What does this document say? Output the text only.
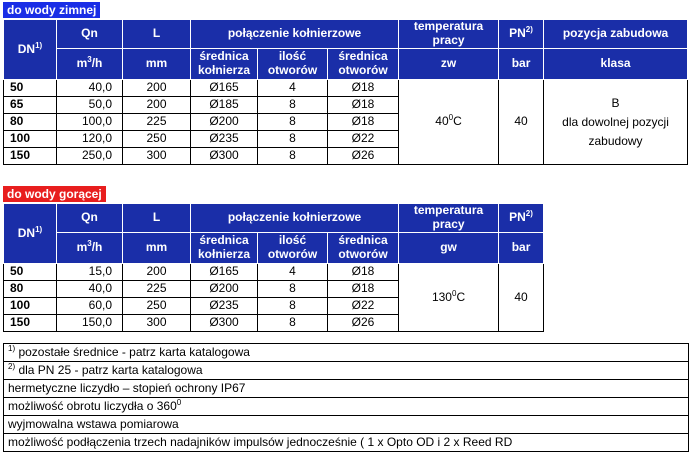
do wody zimnej
DN$^{1)}$	Qn	L	połączenie kołnierzowe			temperatura pracy	PN$^{2)}$	pozycja zabudowa
	$m^3/h$	mm	średnica kołnierza	ilość otworów	średnica otworów	zw	bar	klasa
50	40,0	200	Ø165	4	Ø18	$40^0C$	40	B
dla dowolnej pozycji
zabudowy

65	50,0	200	Ø185	8	Ø18			
80	100,0	225	Ø200	8	Ø18			
100	120,0	250	Ø235	8	Ø22			
150	250,0	300	Ø300	8	Ø26			
do wody gorącej
DN$^{1)}$	Qn	L	połączenie kołnierzowe			temperatura pracy	PN$^{2)}$
	$m^3/h$	mm	średnica kołnierza	ilość otworów	średnica otworów	gw	bar
50	15,0	200	Ø165	4	Ø18	$130^0C$	40
80	40,0	225	Ø200	8	Ø18		
100	60,0	250	Ø235	8	Ø22		
150	150,0	300	Ø300	8	Ø26		
$^{1)}$ pozostałe średnice - patrz karta katalogowa
$^{2)}$ dla PN 25 - patrz karta katalogowa
hermetyczne liczydło – stopień ochrony IP67
możliwość obrotu liczydła o $360^0$
wyjmowalna wstawa pomiarowa
możliwość podłączenia trzech nadajników impulsów jednocześnie ( 1 x Opto OD i 2 x Reed RD
